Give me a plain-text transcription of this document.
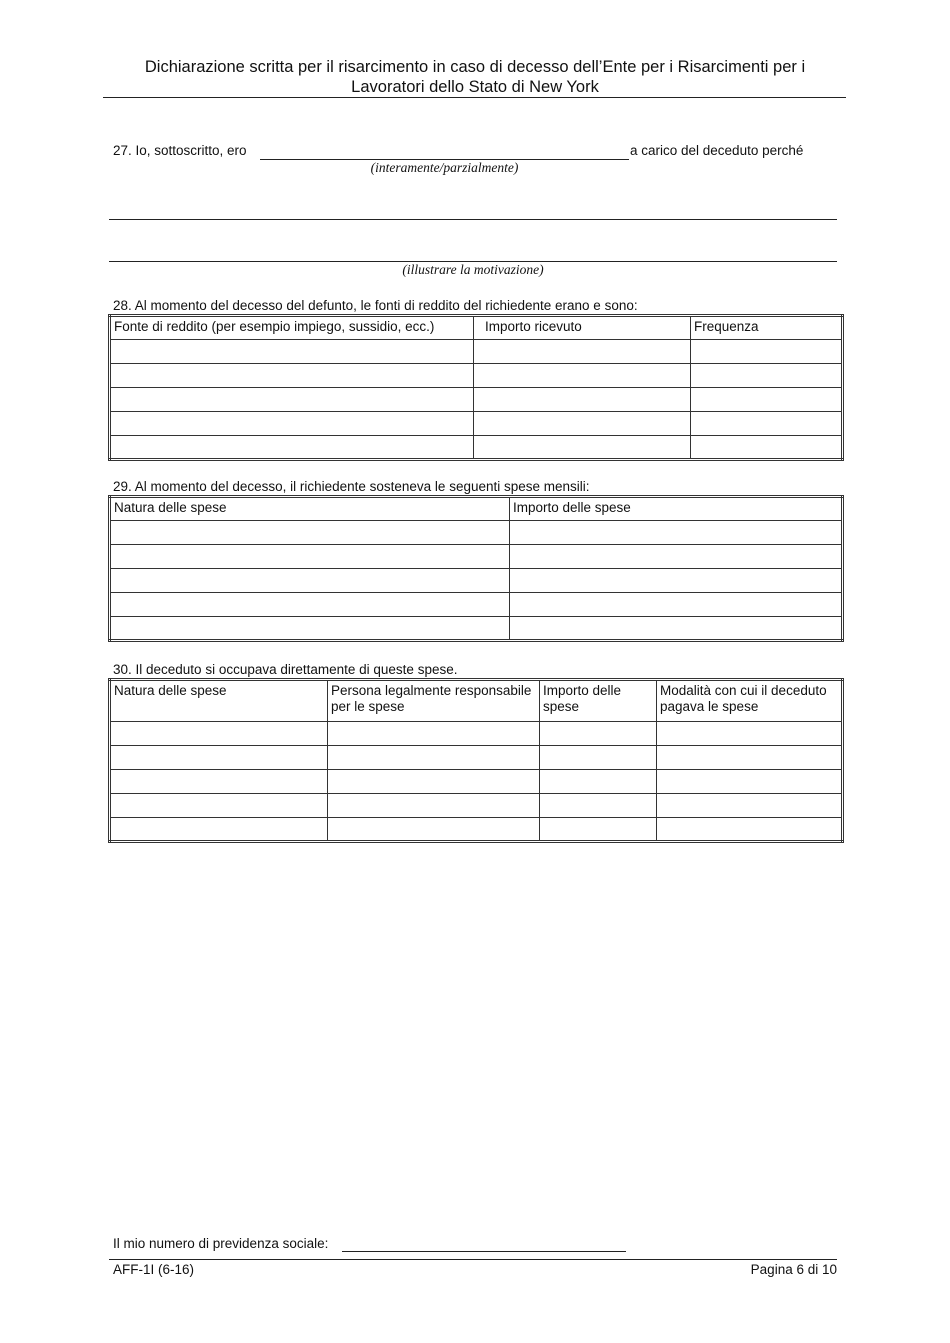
Dichiarazione scritta per il risarcimento in caso di decesso dell’Ente per i Risarcimenti per i
Lavoratori dello Stato di New York
27. Io, sottoscritto, ero	a carico del deceduto perché
(interamente/parzialmente)
(illustrare la motivazione)
28. Al momento del decesso del defunto, le fonti di reddito del richiedente erano e sono:
Fonte di reddito (per esempio impiego, sussidio, ecc.)	Importo ricevuto	Frequenza

29. Al momento del decesso, il richiedente sosteneva le seguenti spese mensili:
Natura delle spese	Importo delle spese

30. Il deceduto si occupava direttamente di queste spese.
Natura delle spese	Persona legalmente responsabile per le spese	Importo delle spese	Modalità con cui il deceduto pagava le spese

Il mio numero di previdenza sociale:
AFF-1I (6-16)	Pagina 6 di 10
